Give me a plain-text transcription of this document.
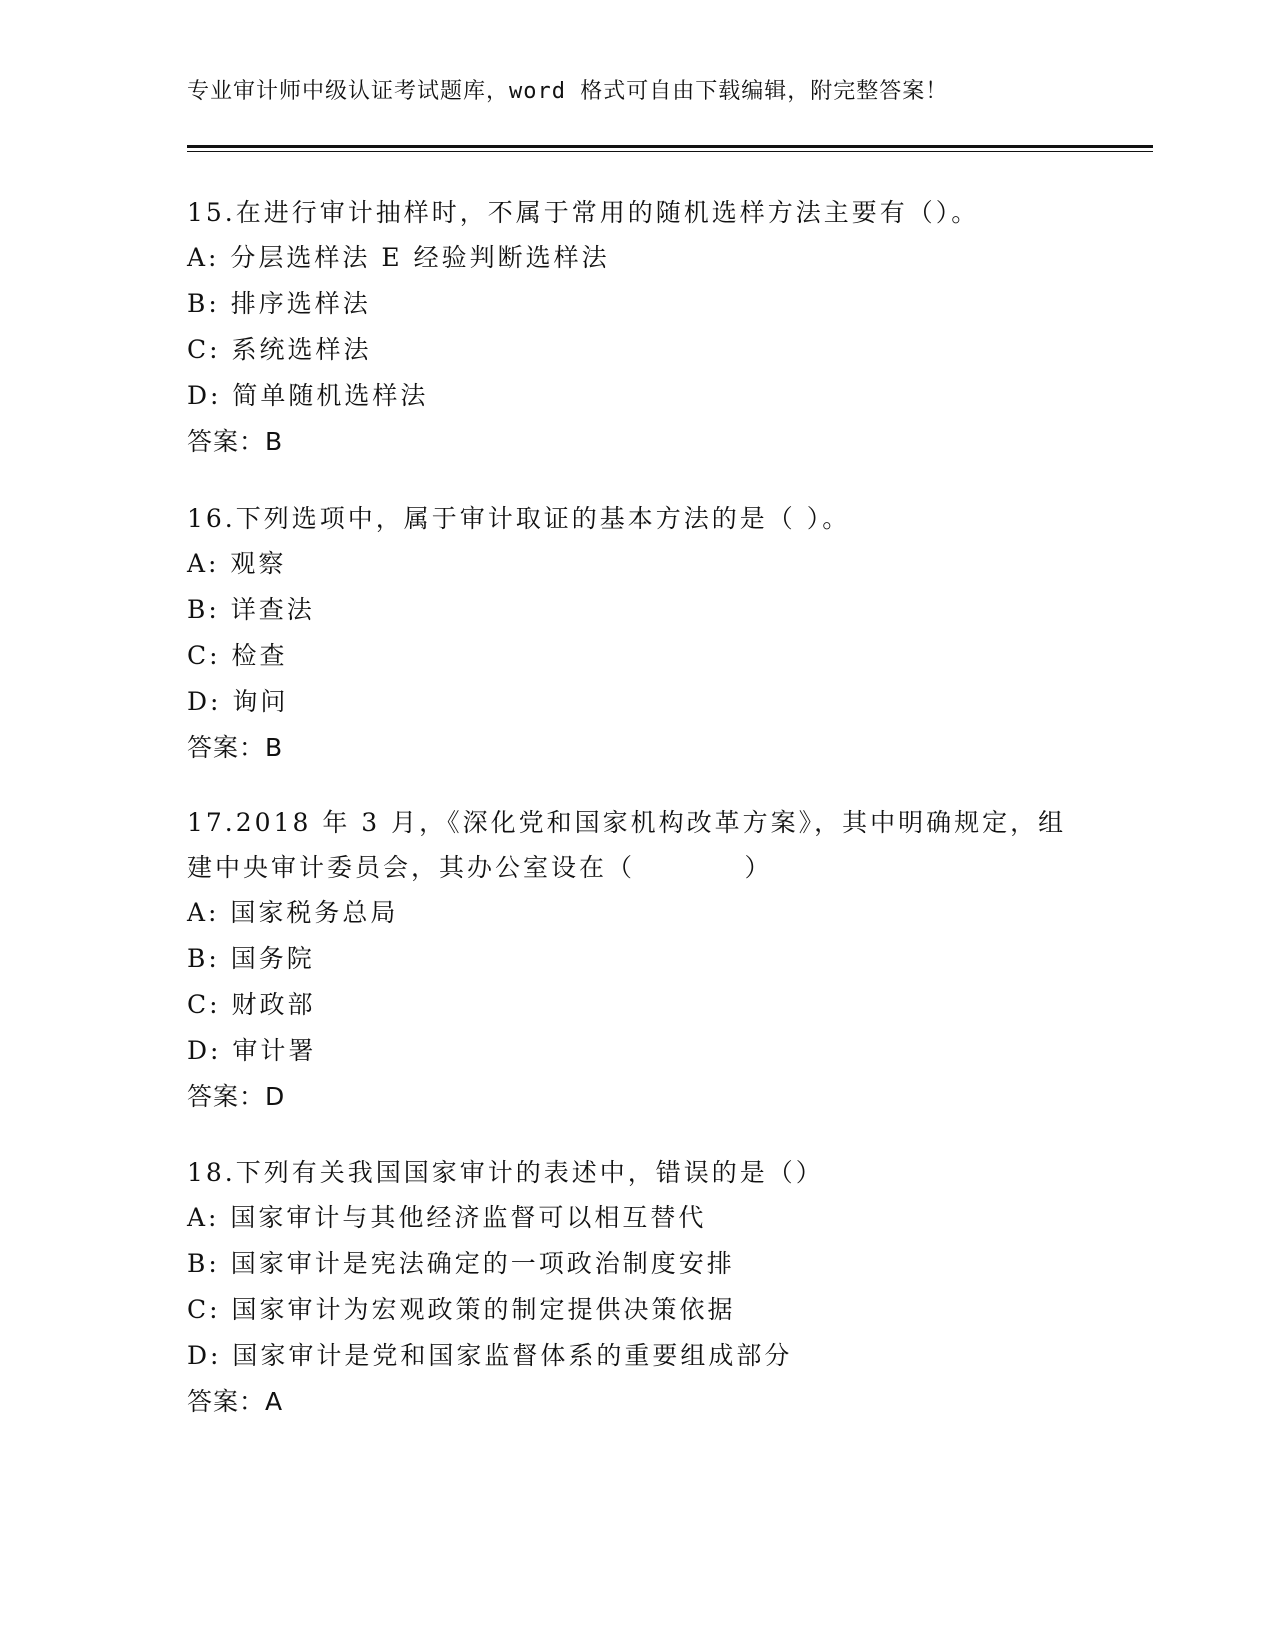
专业审计师中级认证考试题库，word 格式可自由下载编辑，附完整答案！
15.在进行审计抽样时，不属于常用的随机选样方法主要有（）。
A: 分层选样法 E 经验判断选样法
B: 排序选样法
C: 系统选样法
D: 简单随机选样法
答案：B
16.下列选项中，属于审计取证的基本方法的是（ ）。
A: 观察
B: 详查法
C: 检查
D: 询问
答案：B
17.2018 年 3 月，《深化党和国家机构改革方案》，其中明确规定，组建中央审计委员会，其办公室设在（          ）
A: 国家税务总局
B: 国务院
C: 财政部
D: 审计署
答案：D
18.下列有关我国国家审计的表述中，错误的是（）
A: 国家审计与其他经济监督可以相互替代
B: 国家审计是宪法确定的一项政治制度安排
C: 国家审计为宏观政策的制定提供决策依据
D: 国家审计是党和国家监督体系的重要组成部分
答案：A
